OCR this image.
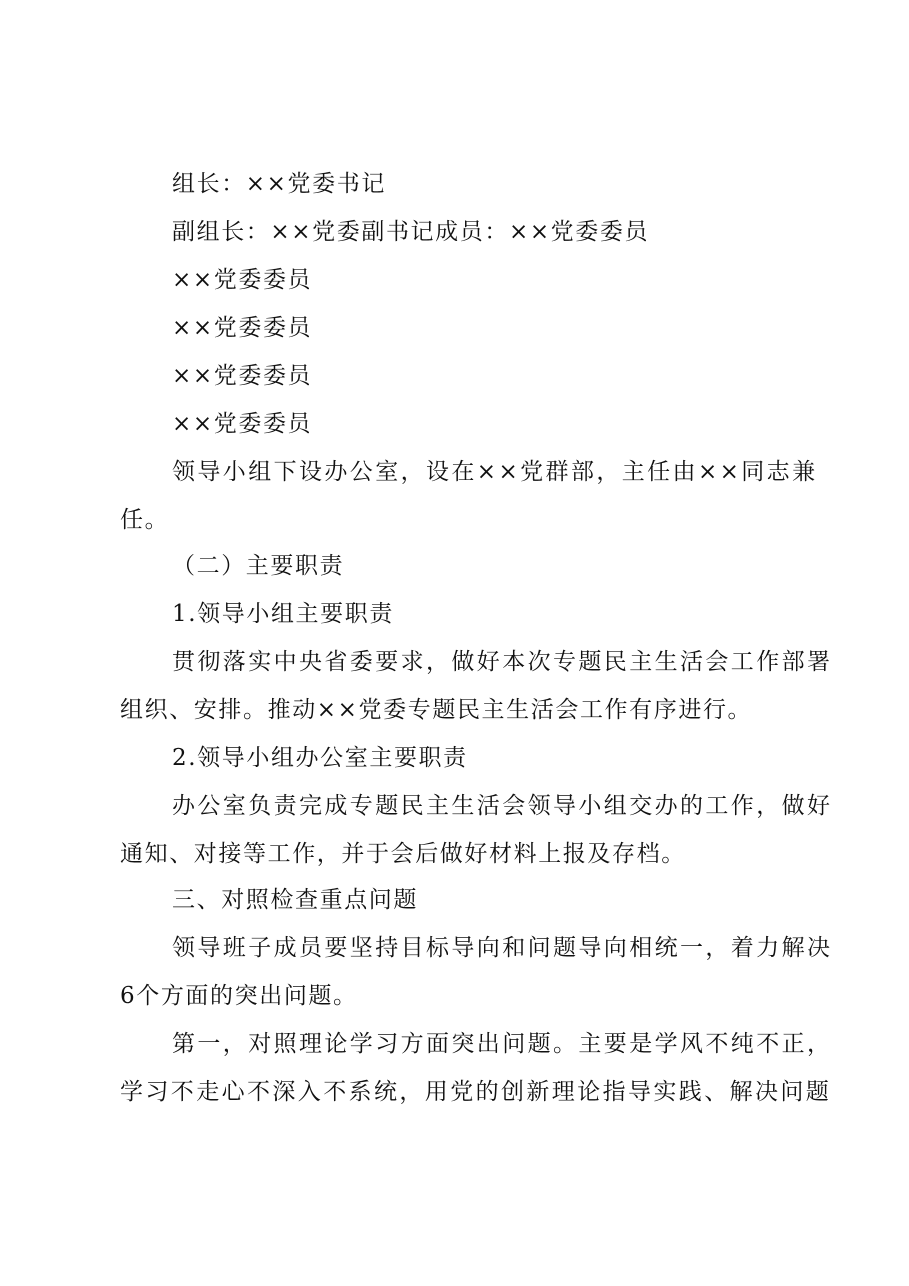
组长：××党委书记
副组长：××党委副书记成员：××党委委员
××党委委员
××党委委员
××党委委员
××党委委员
领导小组下设办公室，设在××党群部，主任由××同志兼
任。
（二）主要职责
1.领导小组主要职责
贯彻落实中央省委要求，做好本次专题民主生活会工作部署
组织、安排。推动××党委专题民主生活会工作有序进行。
2.领导小组办公室主要职责
办公室负责完成专题民主生活会领导小组交办的工作，做好
通知、对接等工作，并于会后做好材料上报及存档。
三、对照检查重点问题
领导班子成员要坚持目标导向和问题导向相统一，着力解决
6个方面的突出问题。
第一，对照理论学习方面突出问题。主要是学风不纯不正，
学习不走心不深入不系统，用党的创新理论指导实践、解决问题
